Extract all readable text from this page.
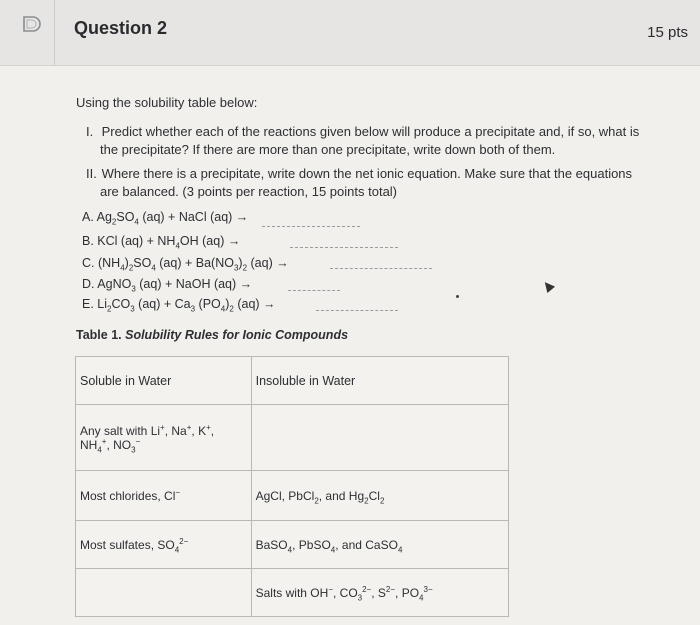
Question 2	15 pts
Using the solubility table below:
I. Predict whether each of the reactions given below will produce a precipitate and, if so, what is
the precipitate? If there are more than one precipitate, write down both of them.
II. Where there is a precipitate, write down the net ionic equation. Make sure that the equations
are balanced. (3 points per reaction, 15 points total)
A. $Ag_2SO_4$ (aq) + NaCl (aq) →
B. KCl $(aq) + NH_4OH$ (aq) →
C. $(NH_4)_2SO_4$ $(aq) + Ba(NO_3)_2$ (aq) →
D. AgNO$_3$ (aq) + NaOH (aq) →
E. $Li_2CO_3$ $(aq) + Ca_3$ $(PO_4)_2$ (aq) →
Table 1. Solubility Rules for Ionic Compounds
Soluble in Water	Insoluble in Water
Any salt with Li+, Na+, K+,
$NH_4^+$, $NO_3^-$	
Most chlorides, Cl−	AgCl, PbCl$_2$, and $Hg_2Cl_2$
Most sulfates, $SO_4^{2-}$	BaSO$_4$, PbSO$_4$, and CaSO$_4$
	Salts with OH−, $CO_3^{2-}$, $S^{2-}$, $PO_4^{3-}$
